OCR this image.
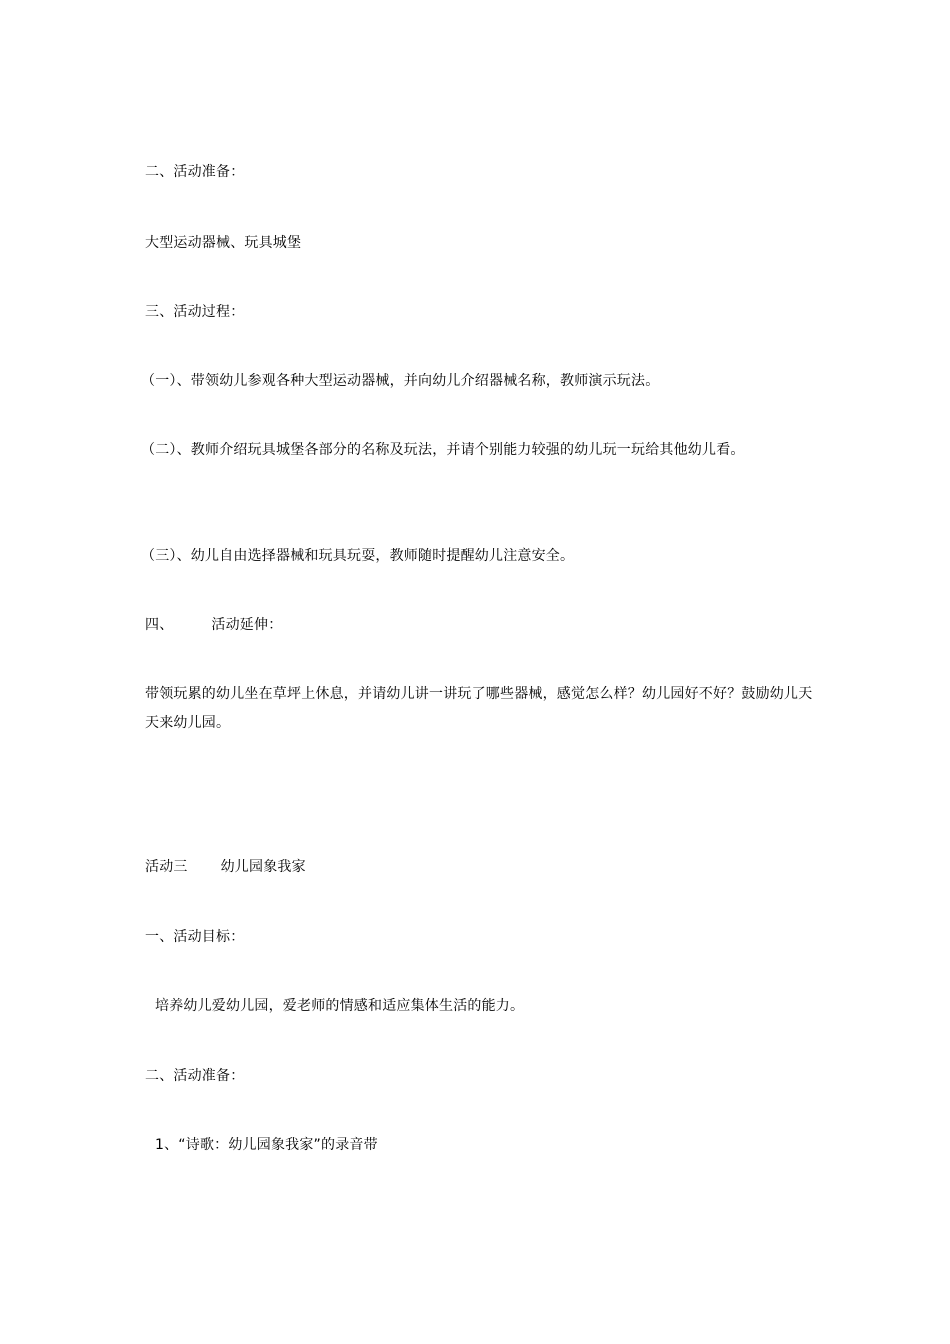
二、活动准备：
大型运动器械、玩具城堡
三、活动过程：
（一）、带领幼儿参观各种大型运动器械，并向幼儿介绍器械名称，教师演示玩法。
（二）、教师介绍玩具城堡各部分的名称及玩法，并请个别能力较强的幼儿玩一玩给其他幼儿看。
（三）、幼儿自由选择器械和玩具玩耍，教师随时提醒幼儿注意安全。
四、	活动延伸：
带领玩累的幼儿坐在草坪上休息，并请幼儿讲一讲玩了哪些器械，感觉怎么样？幼儿园好不好？鼓励幼儿天天来幼儿园。
活动三 幼儿园象我家
一、活动目标：
培养幼儿爱幼儿园，爱老师的情感和适应集体生活的能力。
二、活动准备：
1、“诗歌：幼儿园象我家”的录音带
